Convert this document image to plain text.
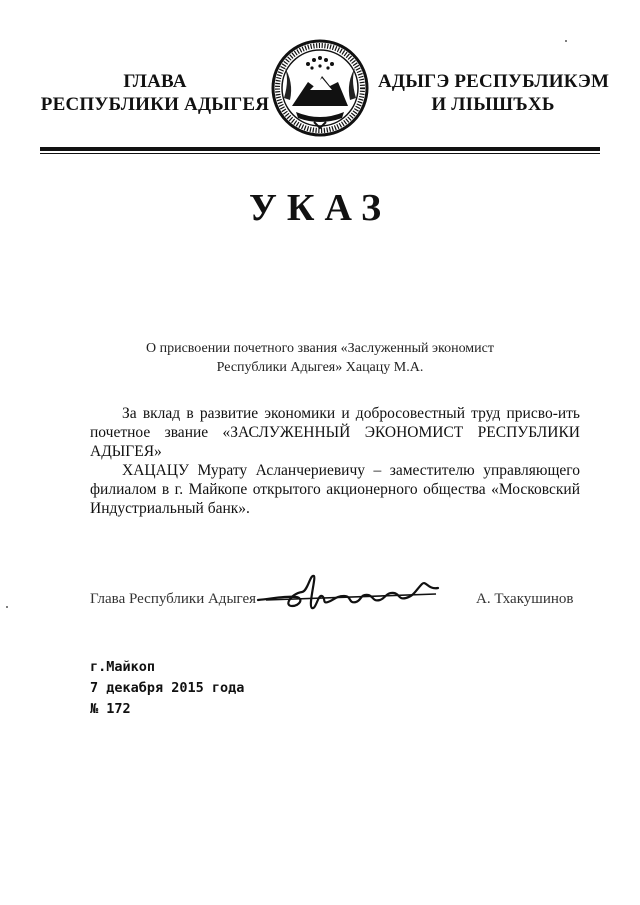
ГЛАВА
РЕСПУБЛИКИ АДЫГЕЯ
АДЫГЭ РЕСПУБЛИКЭМ
И ЛІЫШЪХЬ
УКАЗ
О присвоении почетного звания «Заслуженный экономист
Республики Адыгея» Хацацу М.А.

За вклад в развитие экономики и добросовестный труд присво-ить почетное звание «ЗАСЛУЖЕННЫЙ ЭКОНОМИСТ РЕСПУБЛИКИ АДЫГЕЯ»

ХАЦАЦУ Мурату Асланчериевичу – заместителю управляющего филиалом в г. Майкопе открытого акционерного общества «Московский Индустриальный банк».

Глава Республики Адыгея	А. Тхакушинов
г.Майкоп
7 декабря 2015 года
№ 172
